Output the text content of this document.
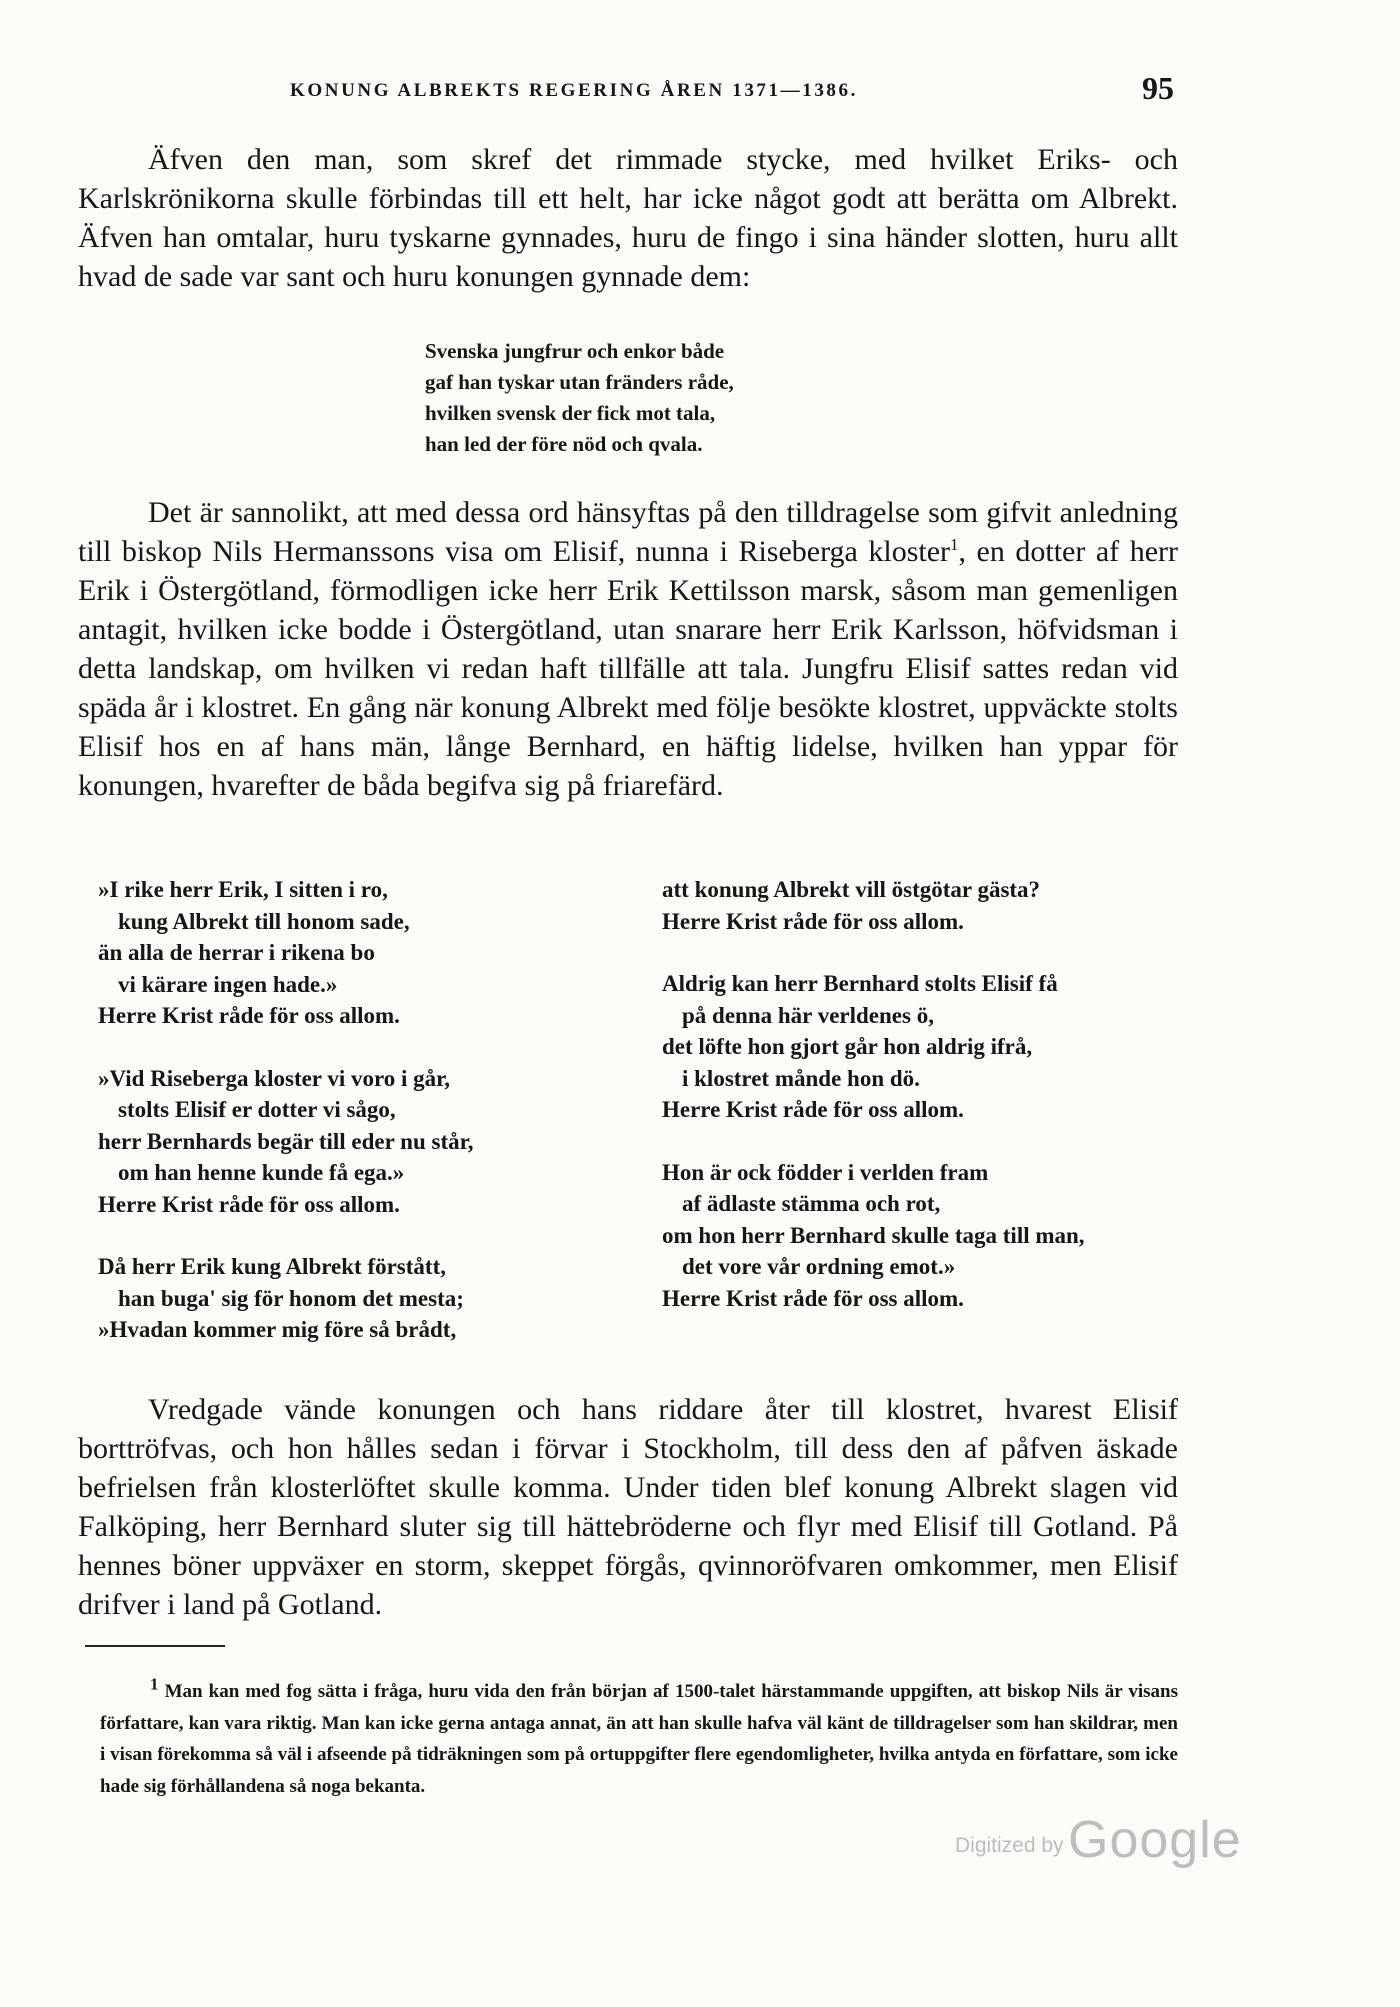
KONUNG ALBREKTS REGERING ÅREN 1371—1386.	95

Äfven den man, som skref det rimmade stycke, med hvilket Eriks- och Karlskrönikorna skulle förbindas till ett helt, har icke något godt att berätta om Albrekt. Äfven han omtalar, huru tyskarne gynnades, huru de fingo i sina händer slotten, huru allt hvad de sade var sant och huru konungen gynnade dem:

Svenska jungfrur och enkor både
gaf han tyskar utan fränders råde,
hvilken svensk der fick mot tala,
han led der före nöd och qvala.

Det är sannolikt, att med dessa ord hänsyftas på den tilldragelse som gifvit anledning till biskop Nils Hermanssons visa om Elisif, nunna i Riseberga kloster$^1$, en dotter af herr Erik i Östergötland, förmodligen icke herr Erik Kettilsson marsk, såsom man gemenligen antagit, hvilken icke bodde i Östergötland, utan snarare herr Erik Karlsson, höfvidsman i detta landskap, om hvilken vi redan haft tillfälle att tala. Jungfru Elisif sattes redan vid späda år i klostret. En gång när konung Albrekt med följe besökte klostret, uppväckte stolts Elisif hos en af hans män, långe Bernhard, en häftig lidelse, hvilken han yppar för konungen, hvarefter de båda begifva sig på friarefärd.

»I rike herr Erik, I sitten i ro,
kung Albrekt till honom sade,
än alla de herrar i rikena bo
vi kärare ingen hade.»
Herre Krist råde för oss allom.
»Vid Riseberga kloster vi voro i går,
stolts Elisif er dotter vi sågo,
herr Bernhards begär till eder nu står,
om han henne kunde få ega.»
Herre Krist råde för oss allom.
Då herr Erik kung Albrekt förstått,
han buga' sig för honom det mesta;
»Hvadan kommer mig före så brådt,
att konung Albrekt vill östgötar gästa?
Herre Krist råde för oss allom.
Aldrig kan herr Bernhard stolts Elisif få
på denna här verldenes ö,
det löfte hon gjort går hon aldrig ifrå,
i klostret månde hon dö.
Herre Krist råde för oss allom.
Hon är ock födder i verlden fram
af ädlaste stämma och rot,
om hon herr Bernhard skulle taga till man,
det vore vår ordning emot.»
Herre Krist råde för oss allom.

Vredgade vände konungen och hans riddare åter till klostret, hvarest Elisif borttröfvas, och hon hålles sedan i förvar i Stockholm, till dess den af påfven äskade befrielsen från klosterlöftet skulle komma. Under tiden blef konung Albrekt slagen vid Falköping, herr Bernhard sluter sig till hättebröderne och flyr med Elisif till Gotland. På hennes böner uppväxer en storm, skeppet förgås, qvinnoröfvaren omkommer, men Elisif drifver i land på Gotland.

$^1$ Man kan med fog sätta i fråga, huru vida den från början af 1500-talet härstammande uppgiften, att biskop Nils är visans författare, kan vara riktig. Man kan icke gerna antaga annat, än att han skulle hafva väl känt de tilldragelser som han skildrar, men i visan förekomma så väl i afseende på tidräkningen som på ortuppgifter flere egendomligheter, hvilka antyda en författare, som icke hade sig förhållandena så noga bekanta.

Digitized by Google
